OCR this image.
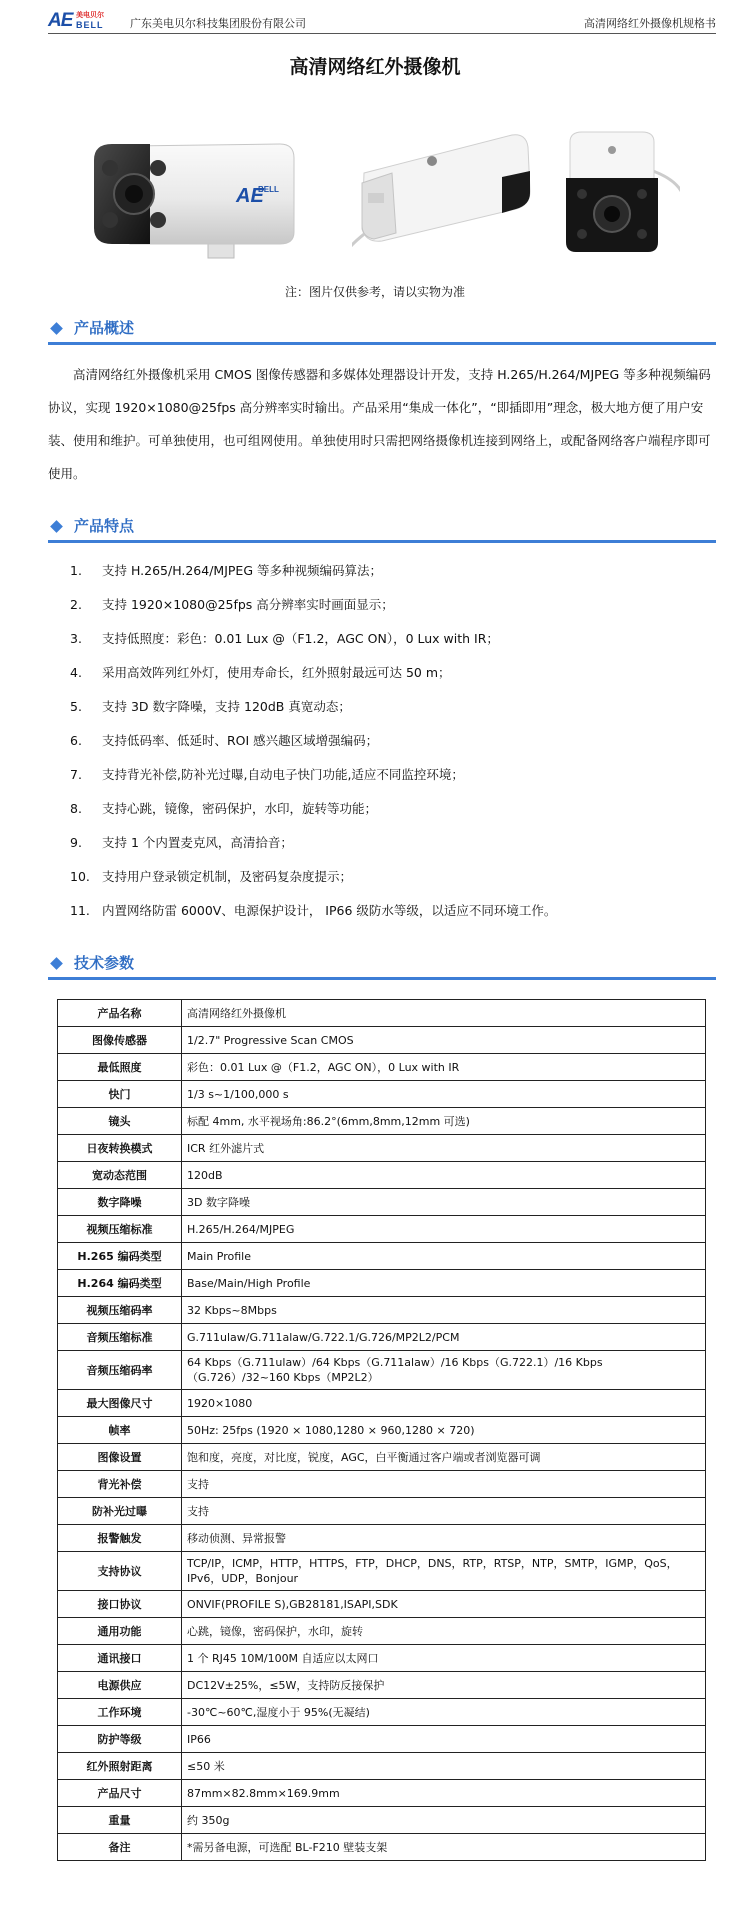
AE 美电贝尔
BELL 广东美电贝尔科技集团股份有限公司	高清网络红外摄像机规格书
高清网络红外摄像机
AE
BELL
注：图片仅供参考，请以实物为准
产品概述

高清网络红外摄像机采用 CMOS 图像传感器和多媒体处理器设计开发，支持 H.265/H.264/MJPEG 等多种视频编码协议，实现 1920×1080@25fps 高分辨率实时输出。产品采用“集成一体化”，“即插即用”理念，极大地方便了用户安装、使用和维护。可单独使用，也可组网使用。单独使用时只需把网络摄像机连接到网络上，或配备网络客户端程序即可使用。

产品特点
1.	支持 H.265/H.264/MJPEG 等多种视频编码算法；
2.	支持 1920×1080@25fps 高分辨率实时画面显示；
3.	支持低照度：彩色：0.01 Lux @（F1.2，AGC ON），0 Lux with IR；
4.	采用高效阵列红外灯，使用寿命长，红外照射最远可达 50 m；
5.	支持 3D 数字降噪，支持 120dB 真宽动态；
6.	支持低码率、低延时、ROI 感兴趣区域增强编码；
7.	支持背光补偿,防补光过曝,自动电子快门功能,适应不同监控环境；
8.	支持心跳，镜像，密码保护，水印，旋转等功能；
9.	支持 1 个内置麦克风，高清拾音；
10. 支持用户登录锁定机制，及密码复杂度提示；
11. 内置网络防雷 6000V、电源保护设计， IP66 级防水等级，以适应不同环境工作。
技术参数
产品名称	高清网络红外摄像机
图像传感器	1/2.7" Progressive Scan CMOS
最低照度	彩色：0.01 Lux @（F1.2，AGC ON），0 Lux with IR
快门	1/3 s~1/100,000 s
镜头	标配 4mm, 水平视场角:86.2°(6mm,8mm,12mm 可选)
日夜转换模式	ICR 红外滤片式
宽动态范围	120dB
数字降噪	3D 数字降噪
视频压缩标准	H.265/H.264/MJPEG
H.265 编码类型	Main Profile
H.264 编码类型	Base/Main/High Profile
视频压缩码率	32 Kbps~8Mbps
音频压缩标准	G.711ulaw/G.711alaw/G.722.1/G.726/MP2L2/PCM
音频压缩码率	64 Kbps（G.711ulaw）/64 Kbps（G.711alaw）/16 Kbps（G.722.1）/16 Kbps（G.726）/32~160 Kbps（MP2L2）
最大图像尺寸	1920×1080
帧率	50Hz: 25fps (1920 × 1080,1280 × 960,1280 × 720)
图像设置	饱和度，亮度，对比度，锐度，AGC，白平衡通过客户端或者浏览器可调
背光补偿	支持
防补光过曝	支持
报警触发	移动侦测、异常报警
支持协议	TCP/IP，ICMP，HTTP，HTTPS，FTP，DHCP，DNS，RTP，RTSP，NTP，SMTP，IGMP，QoS，IPv6，UDP，Bonjour
接口协议	ONVIF(PROFILE S),GB28181,ISAPI,SDK
通用功能	心跳，镜像，密码保护，水印，旋转
通讯接口	1 个 RJ45 10M/100M 自适应以太网口
电源供应	DC12V±25%，≤5W，支持防反接保护
工作环境	-30℃~60℃,湿度小于 95%(无凝结)
防护等级	IP66
红外照射距离	≤50 米
产品尺寸	87mm×82.8mm×169.9mm
重量	约 350g
备注	*需另备电源，可选配 BL-F210 壁装支架
